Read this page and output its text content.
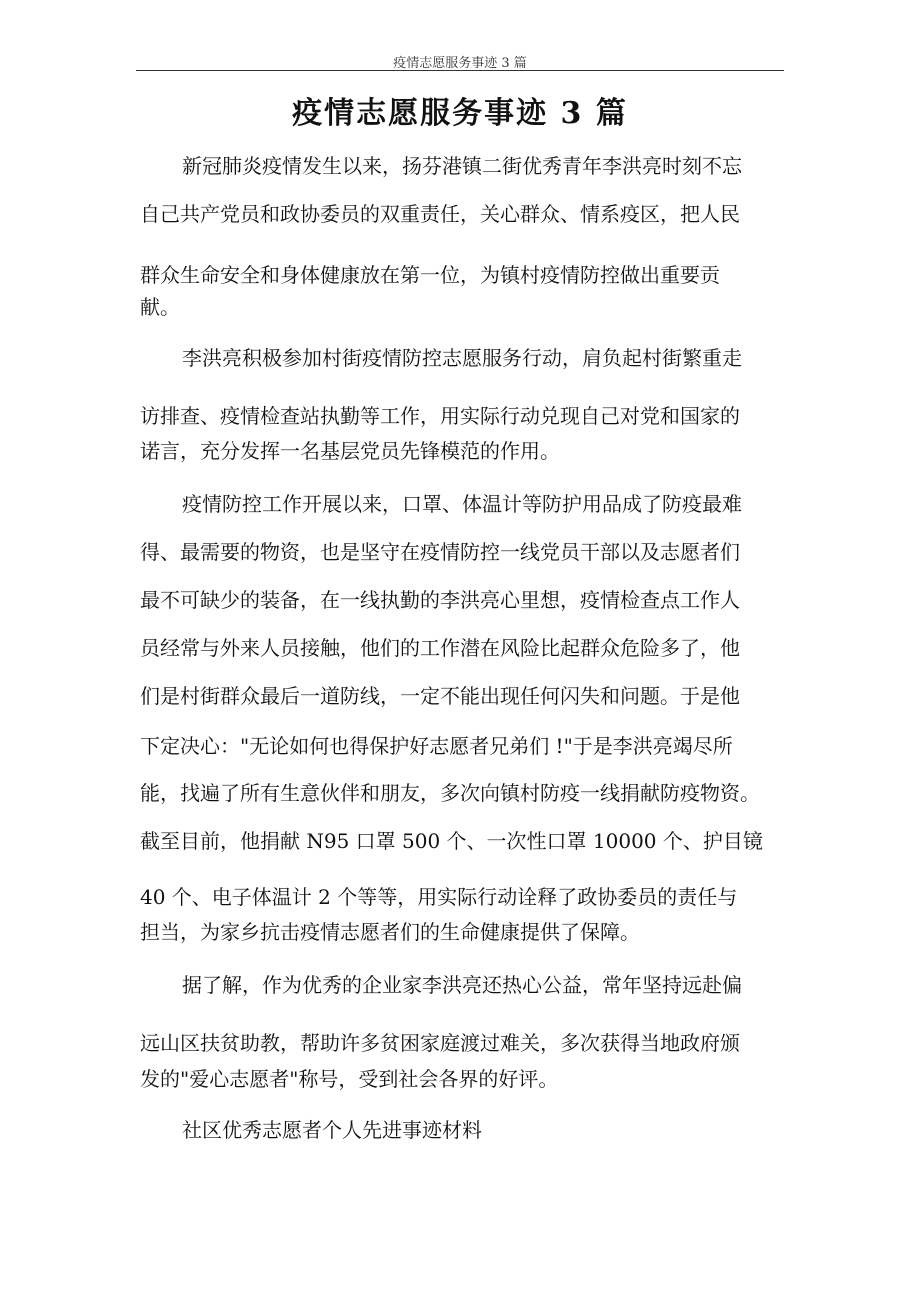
疫情志愿服务事迹 3 篇
疫情志愿服务事迹 3 篇
新冠肺炎疫情发生以来，扬芬港镇二街优秀青年李洪亮时刻不忘
自己共产党员和政协委员的双重责任，关心群众、情系疫区，把人民
群众生命安全和身体健康放在第一位，为镇村疫情防控做出重要贡
献。
李洪亮积极参加村街疫情防控志愿服务行动，肩负起村街繁重走
访排查、疫情检查站执勤等工作，用实际行动兑现自己对党和国家的
诺言，充分发挥一名基层党员先锋模范的作用。
疫情防控工作开展以来，口罩、体温计等防护用品成了防疫最难
得、最需要的物资，也是坚守在疫情防控一线党员干部以及志愿者们
最不可缺少的装备，在一线执勤的李洪亮心里想，疫情检查点工作人
员经常与外来人员接触，他们的工作潜在风险比起群众危险多了，他
们是村街群众最后一道防线，一定不能出现任何闪失和问题。于是他
下定决心："无论如何也得保护好志愿者兄弟们 !"于是李洪亮竭尽所
能，找遍了所有生意伙伴和朋友，多次向镇村防疫一线捐献防疫物资。
截至目前，他捐献 N95 口罩 500 个、一次性口罩 10000 个、护目镜
40 个、电子体温计 2 个等等，用实际行动诠释了政协委员的责任与
担当，为家乡抗击疫情志愿者们的生命健康提供了保障。
据了解，作为优秀的企业家李洪亮还热心公益，常年坚持远赴偏
远山区扶贫助教，帮助许多贫困家庭渡过难关，多次获得当地政府颁
发的"爱心志愿者"称号，受到社会各界的好评。
社区优秀志愿者个人先进事迹材料
